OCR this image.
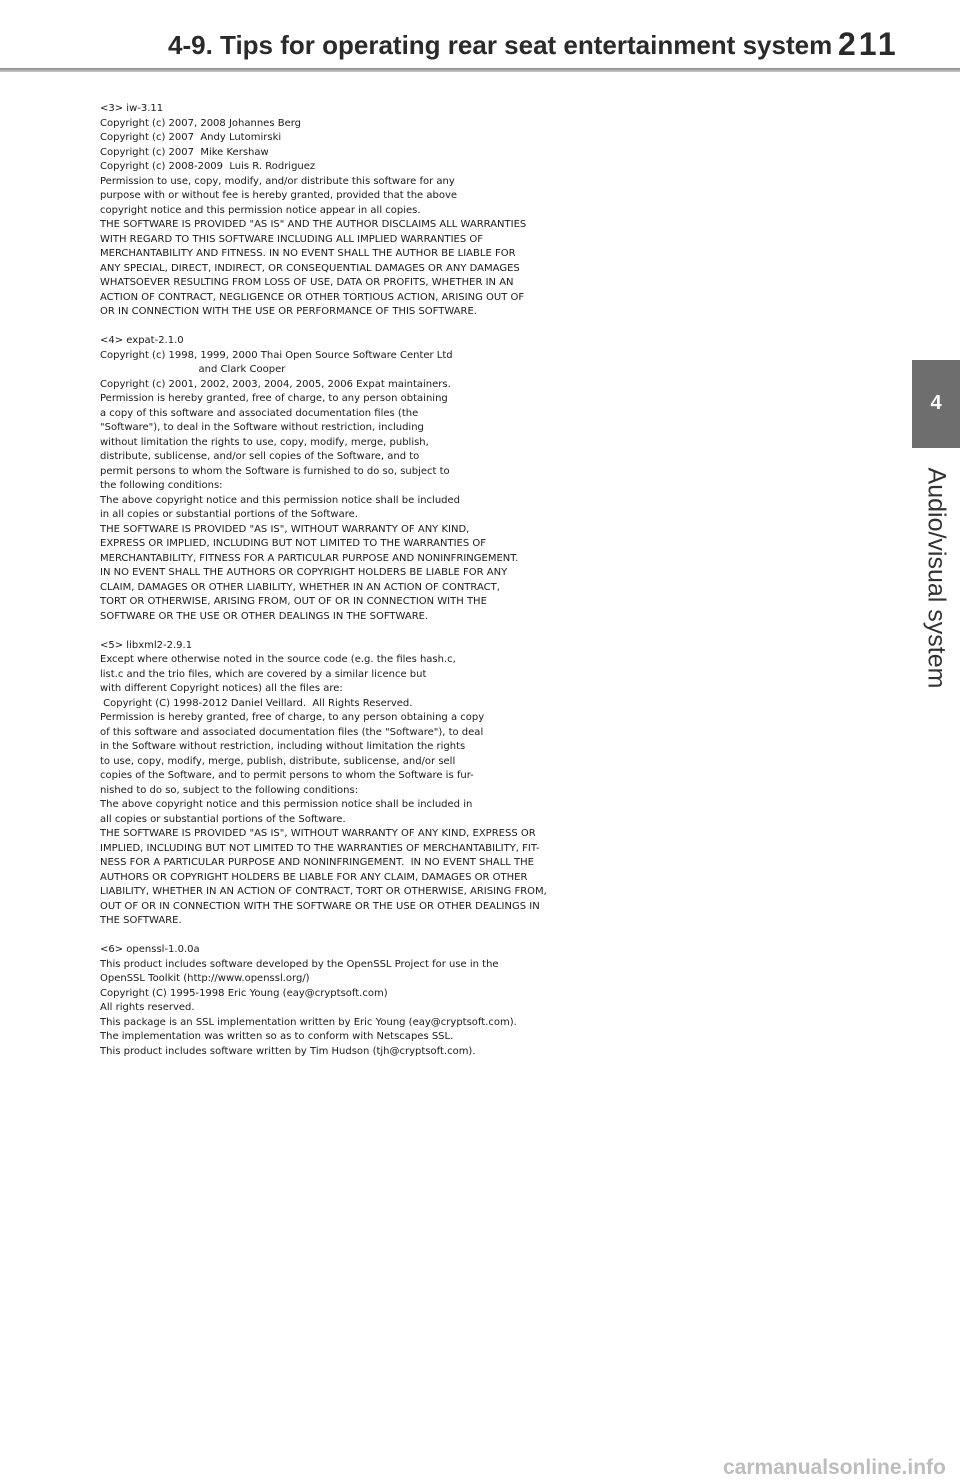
4-9. Tips for operating rear seat entertainment system 211
4
Audio/visual system
<3> iw-3.11
Copyright (c) 2007, 2008 Johannes Berg
Copyright (c) 2007  Andy Lutomirski
Copyright (c) 2007  Mike Kershaw
Copyright (c) 2008-2009  Luis R. Rodriguez
Permission to use, copy, modify, and/or distribute this software for any
purpose with or without fee is hereby granted, provided that the above
copyright notice and this permission notice appear in all copies.
THE SOFTWARE IS PROVIDED "AS IS" AND THE AUTHOR DISCLAIMS ALL WARRANTIES
WITH REGARD TO THIS SOFTWARE INCLUDING ALL IMPLIED WARRANTIES OF
MERCHANTABILITY AND FITNESS. IN NO EVENT SHALL THE AUTHOR BE LIABLE FOR
ANY SPECIAL, DIRECT, INDIRECT, OR CONSEQUENTIAL DAMAGES OR ANY DAMAGES
WHATSOEVER RESULTING FROM LOSS OF USE, DATA OR PROFITS, WHETHER IN AN
ACTION OF CONTRACT, NEGLIGENCE OR OTHER TORTIOUS ACTION, ARISING OUT OF
OR IN CONNECTION WITH THE USE OR PERFORMANCE OF THIS SOFTWARE.
<4> expat-2.1.0
Copyright (c) 1998, 1999, 2000 Thai Open Source Software Center Ltd
and Clark Cooper
Copyright (c) 2001, 2002, 2003, 2004, 2005, 2006 Expat maintainers.
Permission is hereby granted, free of charge, to any person obtaining
a copy of this software and associated documentation files (the
"Software"), to deal in the Software without restriction, including
without limitation the rights to use, copy, modify, merge, publish,
distribute, sublicense, and/or sell copies of the Software, and to
permit persons to whom the Software is furnished to do so, subject to
the following conditions:
The above copyright notice and this permission notice shall be included
in all copies or substantial portions of the Software.
THE SOFTWARE IS PROVIDED "AS IS", WITHOUT WARRANTY OF ANY KIND,
EXPRESS OR IMPLIED, INCLUDING BUT NOT LIMITED TO THE WARRANTIES OF
MERCHANTABILITY, FITNESS FOR A PARTICULAR PURPOSE AND NONINFRINGEMENT.
IN NO EVENT SHALL THE AUTHORS OR COPYRIGHT HOLDERS BE LIABLE FOR ANY
CLAIM, DAMAGES OR OTHER LIABILITY, WHETHER IN AN ACTION OF CONTRACT,
TORT OR OTHERWISE, ARISING FROM, OUT OF OR IN CONNECTION WITH THE
SOFTWARE OR THE USE OR OTHER DEALINGS IN THE SOFTWARE.
<5> libxml2-2.9.1
Except where otherwise noted in the source code (e.g. the files hash.c,
list.c and the trio files, which are covered by a similar licence but
with different Copyright notices) all the files are:
Copyright (C) 1998-2012 Daniel Veillard.  All Rights Reserved.
Permission is hereby granted, free of charge, to any person obtaining a copy
of this software and associated documentation files (the "Software"), to deal
in the Software without restriction, including without limitation the rights
to use, copy, modify, merge, publish, distribute, sublicense, and/or sell
copies of the Software, and to permit persons to whom the Software is fur-
nished to do so, subject to the following conditions:
The above copyright notice and this permission notice shall be included in
all copies or substantial portions of the Software.
THE SOFTWARE IS PROVIDED "AS IS", WITHOUT WARRANTY OF ANY KIND, EXPRESS OR
IMPLIED, INCLUDING BUT NOT LIMITED TO THE WARRANTIES OF MERCHANTABILITY, FIT-
NESS FOR A PARTICULAR PURPOSE AND NONINFRINGEMENT.  IN NO EVENT SHALL THE
AUTHORS OR COPYRIGHT HOLDERS BE LIABLE FOR ANY CLAIM, DAMAGES OR OTHER
LIABILITY, WHETHER IN AN ACTION OF CONTRACT, TORT OR OTHERWISE, ARISING FROM,
OUT OF OR IN CONNECTION WITH THE SOFTWARE OR THE USE OR OTHER DEALINGS IN
THE SOFTWARE.
<6> openssl-1.0.0a
This product includes software developed by the OpenSSL Project for use in the
OpenSSL Toolkit (http://www.openssl.org/)
Copyright (C) 1995-1998 Eric Young (eay@cryptsoft.com)
All rights reserved.
This package is an SSL implementation written by Eric Young (eay@cryptsoft.com).
The implementation was written so as to conform with Netscapes SSL.
This product includes software written by Tim Hudson (tjh@cryptsoft.com).
carmanualsonline.info
